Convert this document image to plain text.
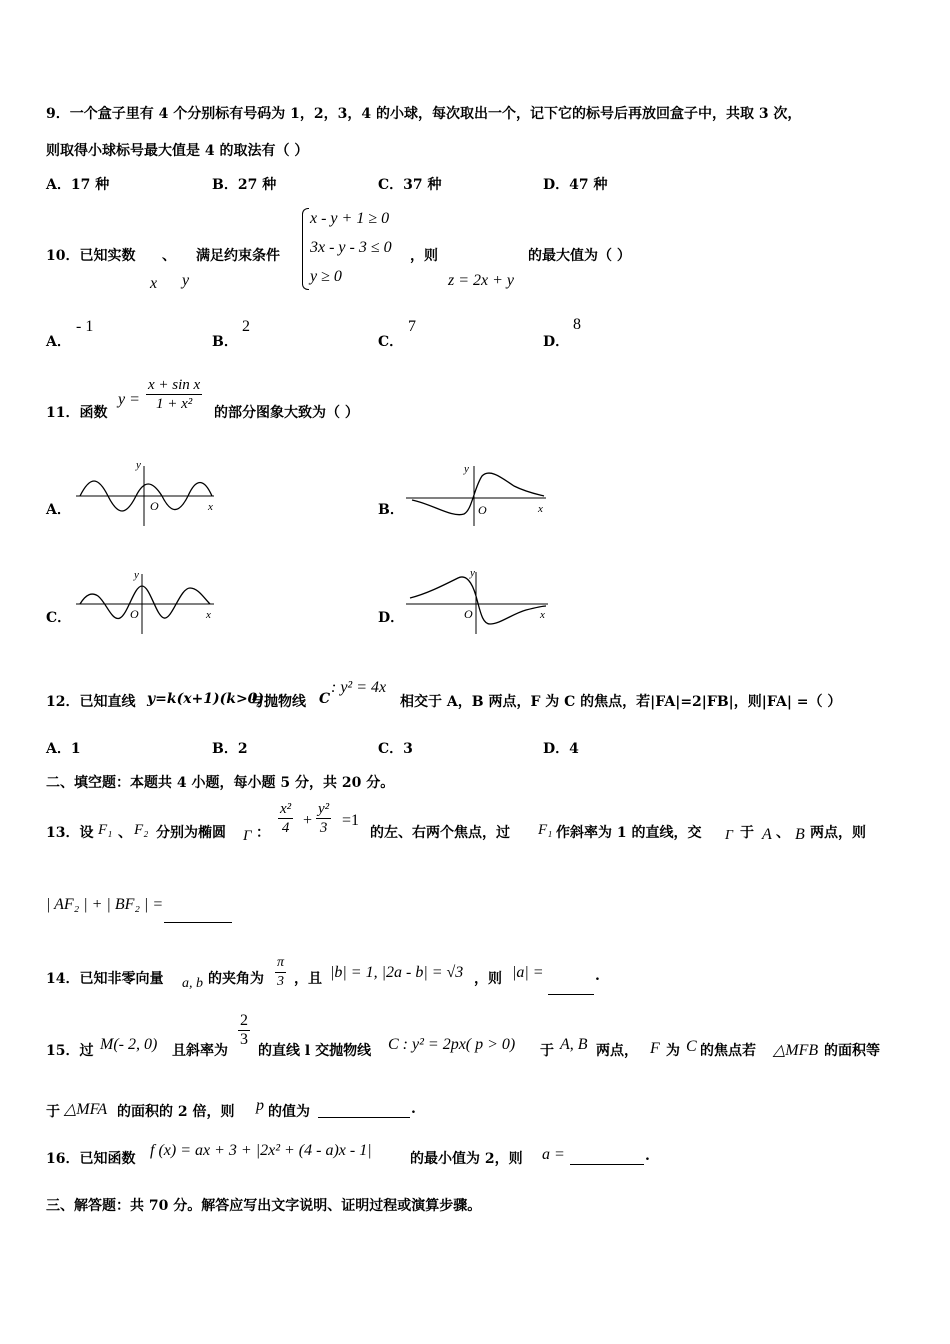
9．一个盒子里有 4 个分别标有号码为 1，2，3，4 的小球，每次取出一个，记下它的标号后再放回盒子中，共取 3 次，
则取得小球标号最大值是 4 的取法有（ ）
A．17 种	B．27 种	C．37 种	D．47 种
10．已知实数 、 满足约束条件
x y
x - y + 1 ≥ 0
3x - y - 3 ≤ 0
y ≥ 0
，则
z = 2x + y
的最大值为（ ）
A．
- 1
B．
2
C．
7
D．
8
11．函数
$y = \frac{\text{x + sin x}}{\text{1 + x²}}$ 的部分图象大致为（ ）
A．
y
O	x	B．
y
O	x
C．
y
O	x	D．
y
O	x
12．已知直线 y=k(x+1)(k>0)
与抛物线 C
: y² = 4x
相交于 A，B 两点，F 为 C 的焦点，若|FA|=2|FB|，则|FA| =（ ）
A．1	B．2	C．3	D．4
二、填空题：本题共 4 小题，每小题 5 分，共 20 分。
13．设 F₁ 、 F₂ 分别为椭圆 Γ ： $\frac{\text{x²}}{4} + \frac{\text{y²}}{3} =1$
的左、右两个焦点，过 F₁ 作斜率为 1 的直线，交 Γ 于 A 、 B 两点，则
| AF₂ | + | BF₂ | =
14．已知非零向量 a, b 的夹角为 $\frac{\pi}{3}$ ，且 |b| = 1, |2a - b| = √3 ，则 |a| =	.
15．过 M(- 2, 0) 且斜率为
$\frac{2}{3}$
的直线 l 交抛物线 C : y² = 2px( p > 0) 于 A, B 两点， F 为 C 的焦点若 △MFB 的面积等
于 △MFA 的面积的 2 倍，则 p 的值为	.
16．已知函数 f (x) = ax + 3 + |2x² + (4 - a)x - 1|	的最小值为 2，则 a =	.
三、解答题：共 70 分。解答应写出文字说明、证明过程或演算步骤。
